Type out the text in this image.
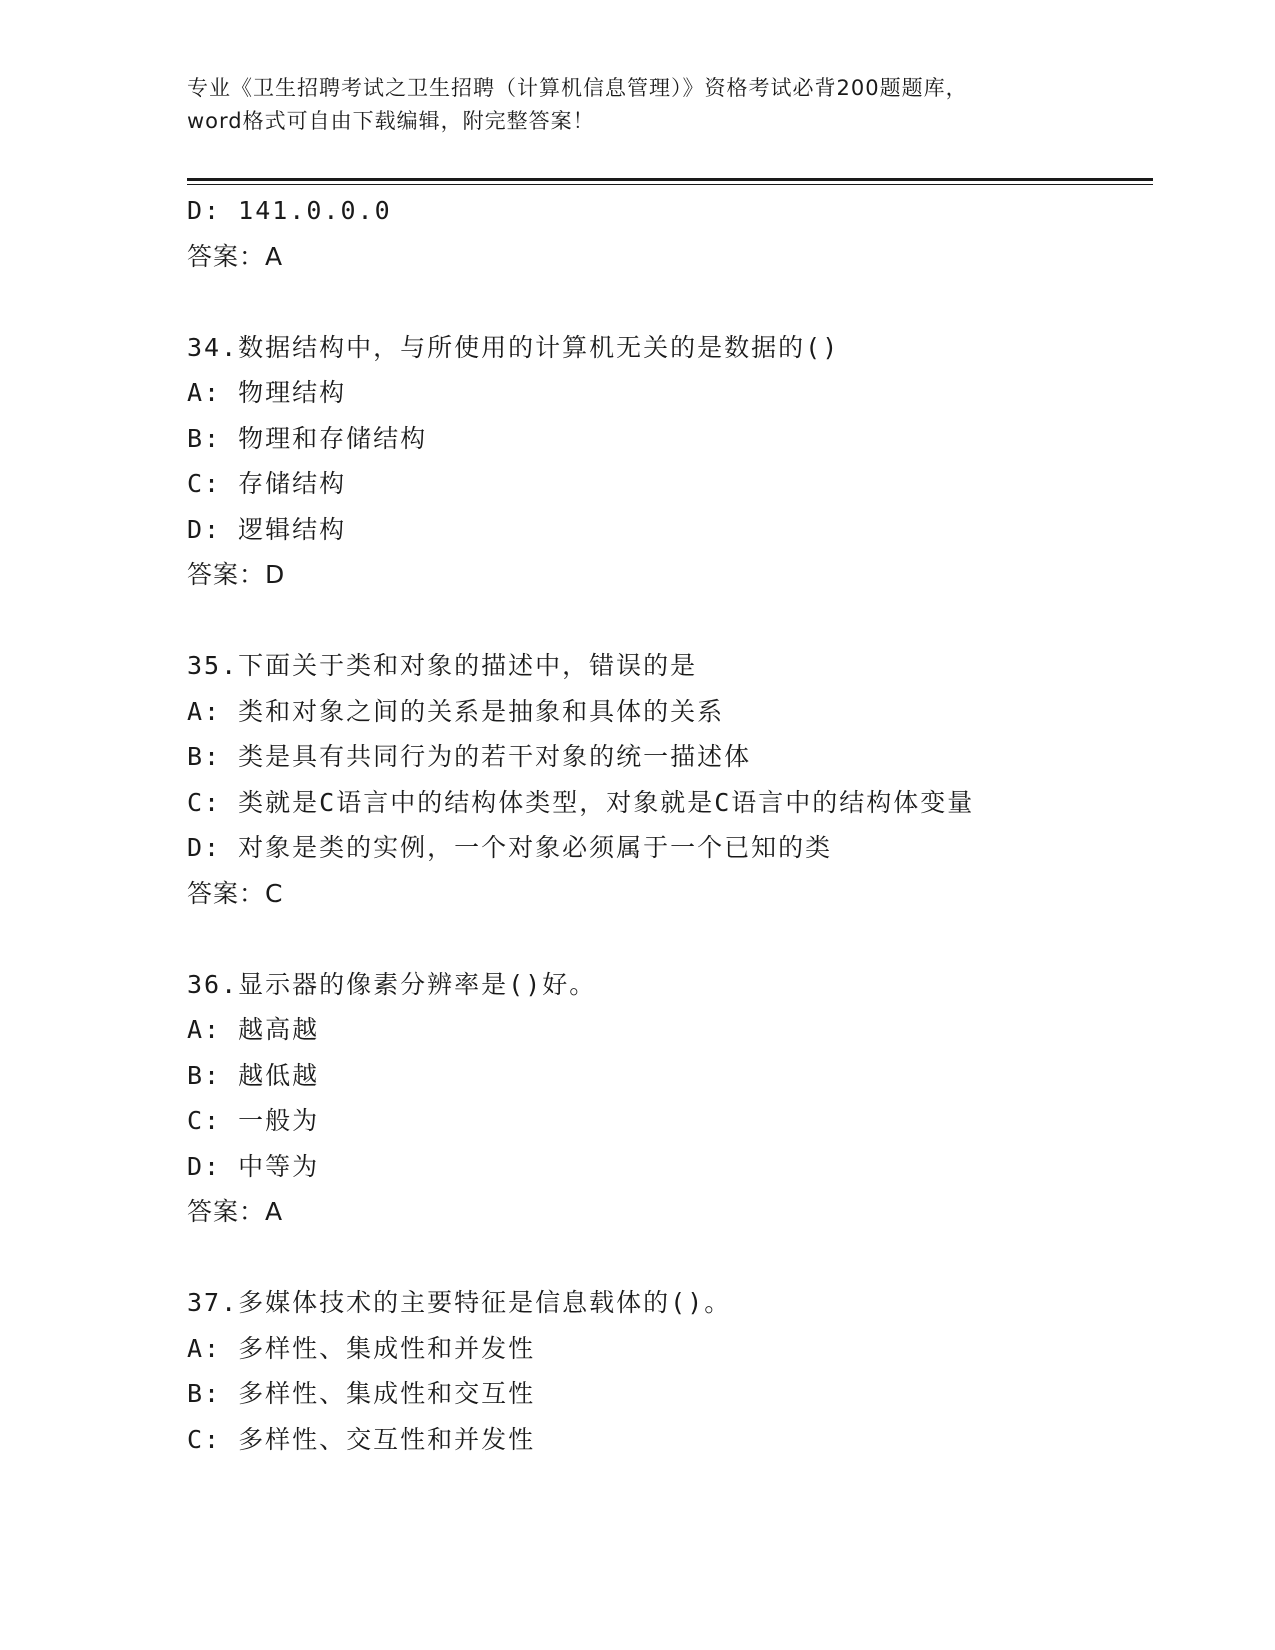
专业《卫生招聘考试之卫生招聘（计算机信息管理）》资格考试必背200题题库，
word格式可自由下载编辑，附完整答案！
D: 141.0.0.0
答案：A
34.数据结构中，与所使用的计算机无关的是数据的()
A: 物理结构
B: 物理和存储结构
C: 存储结构
D: 逻辑结构
答案：D
35.下面关于类和对象的描述中，错误的是
A: 类和对象之间的关系是抽象和具体的关系
B: 类是具有共同行为的若干对象的统一描述体
C: 类就是C语言中的结构体类型，对象就是C语言中的结构体变量
D: 对象是类的实例，一个对象必须属于一个已知的类
答案：C
36.显示器的像素分辨率是()好。
A: 越高越
B: 越低越
C: 一般为
D: 中等为
答案：A
37.多媒体技术的主要特征是信息载体的()。
A: 多样性、集成性和并发性
B: 多样性、集成性和交互性
C: 多样性、交互性和并发性
